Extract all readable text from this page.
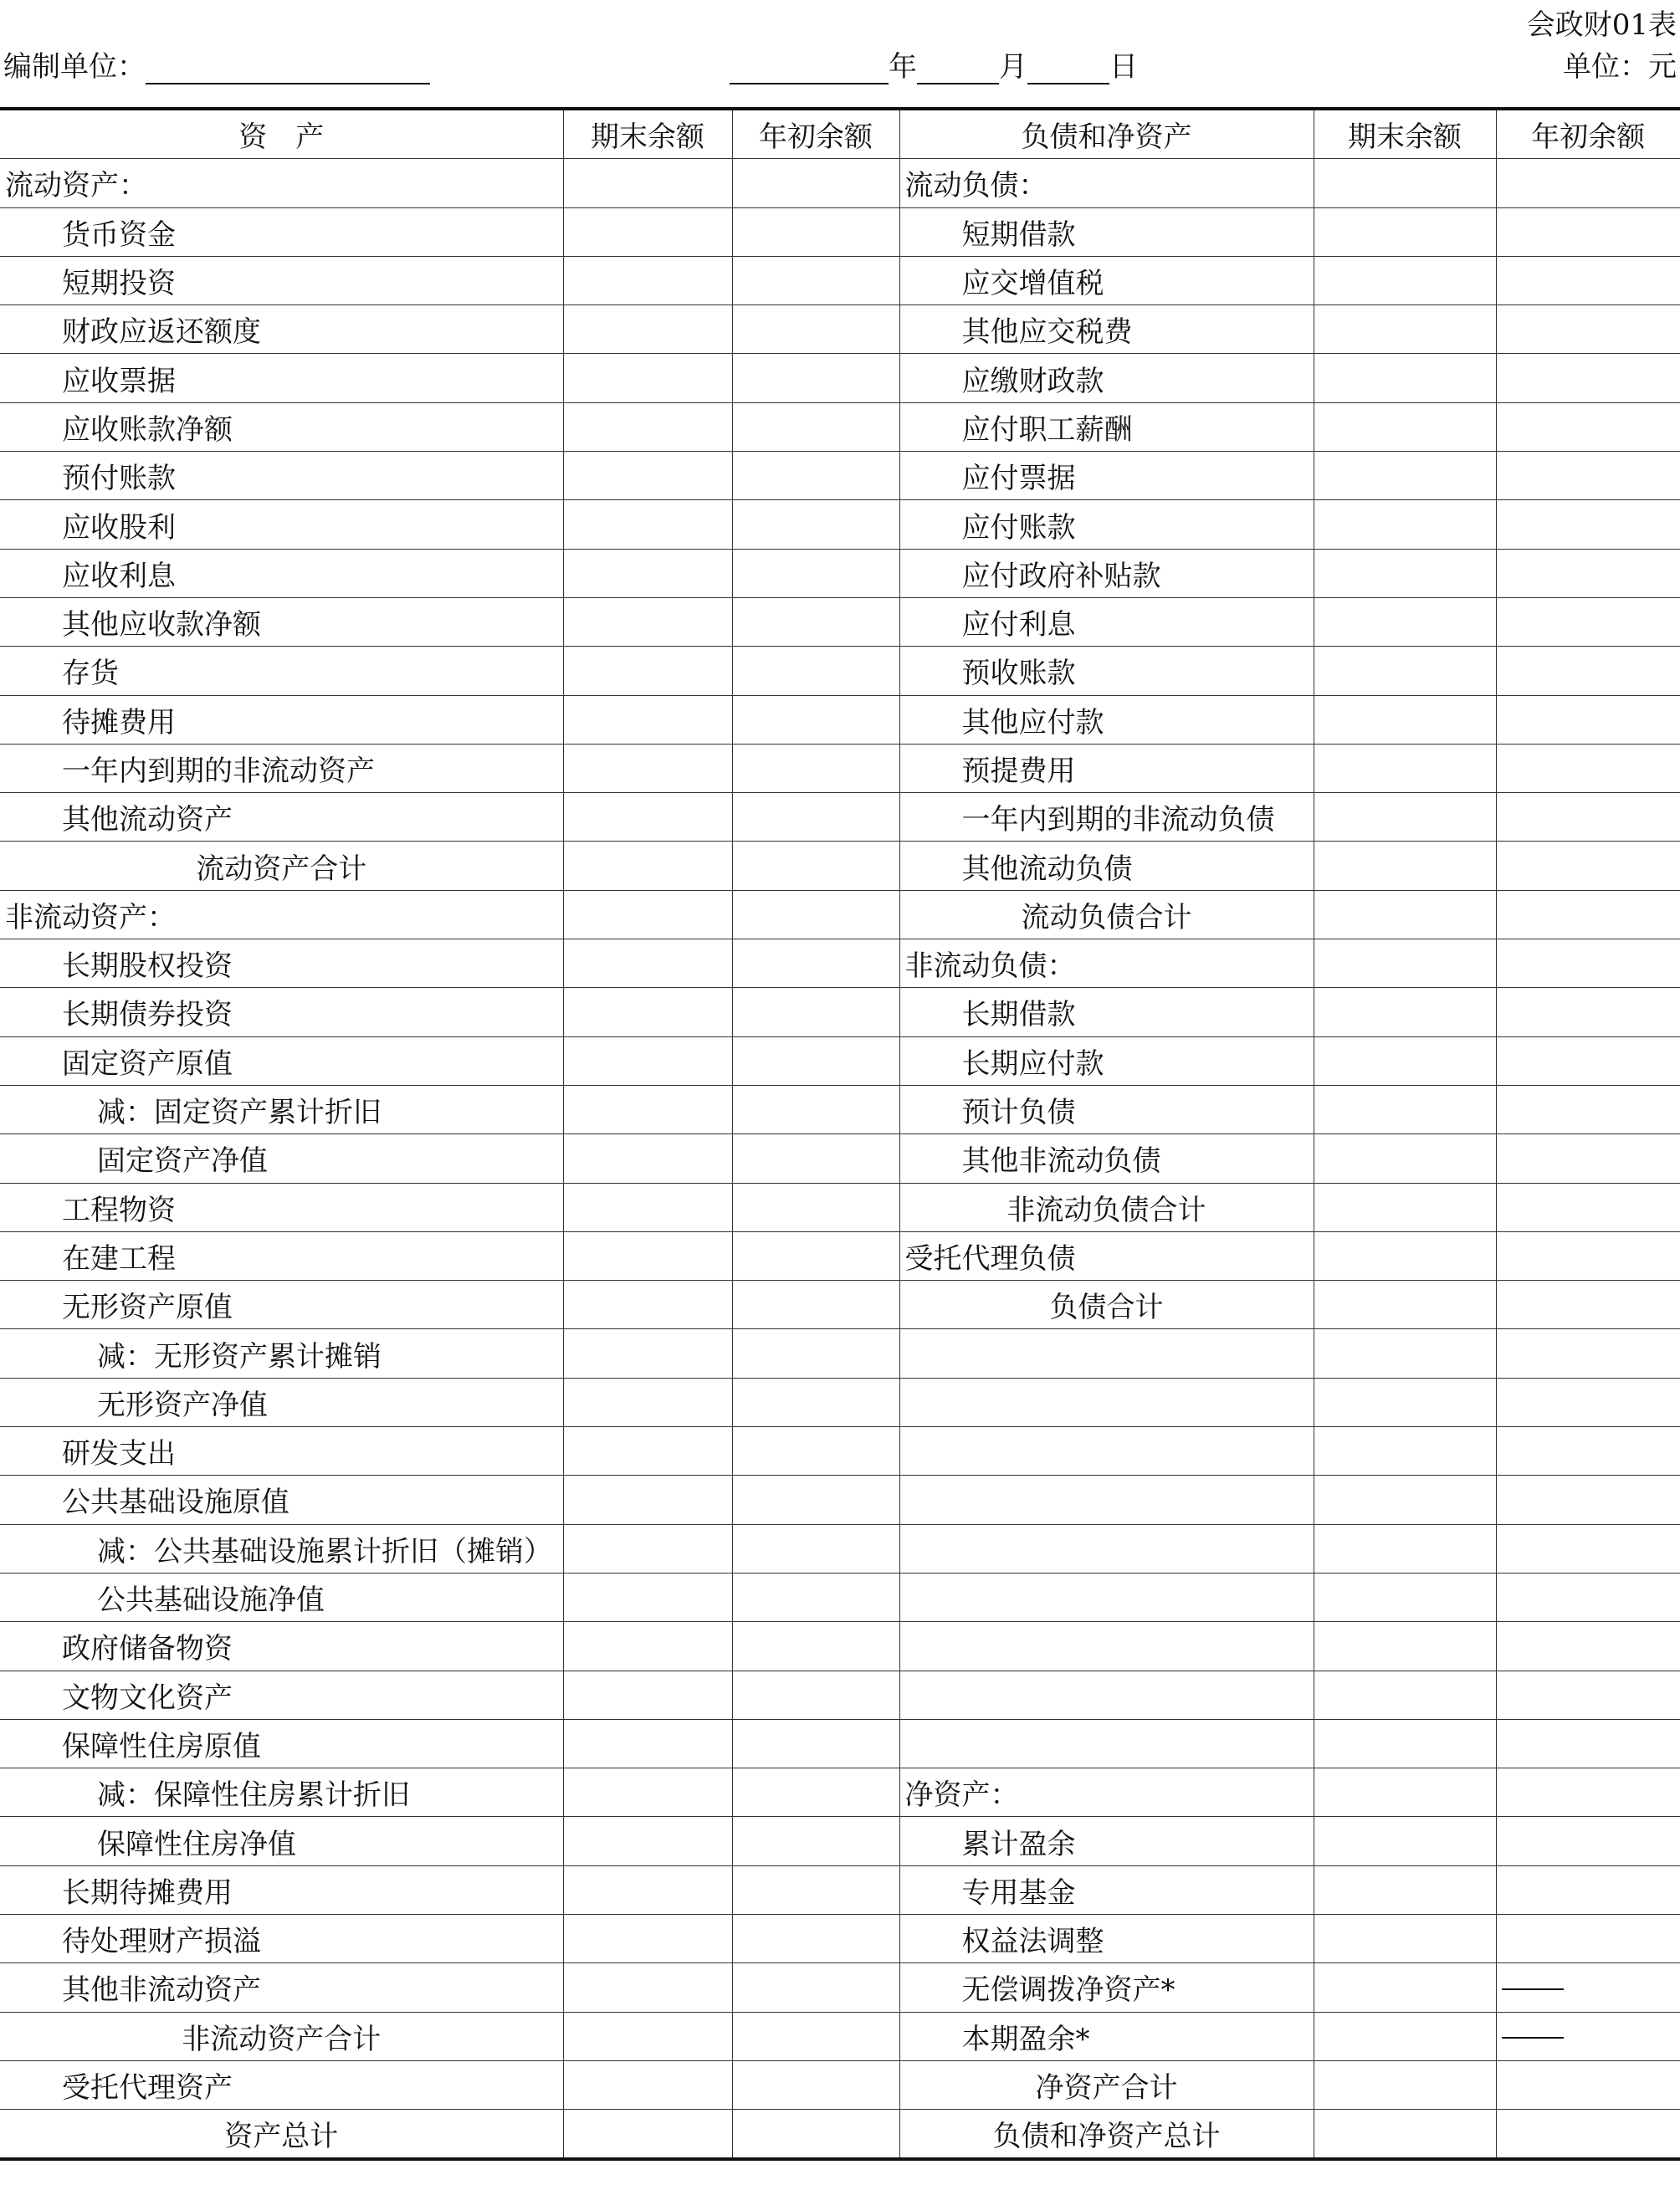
会政财01表
编制单位：	年	月	日	单位：元
资　产	期末余额	年初余额	负债和净资产	期末余额	年初余额
流动资产：			流动负债：		
货币资金			短期借款		
短期投资			应交增值税		
财政应返还额度			其他应交税费		
应收票据			应缴财政款		
应收账款净额			应付职工薪酬		
预付账款			应付票据		
应收股利			应付账款		
应收利息			应付政府补贴款		
其他应收款净额			应付利息		
存货			预收账款		
待摊费用			其他应付款		
一年内到期的非流动资产			预提费用		
其他流动资产			一年内到期的非流动负债		
流动资产合计			其他流动负债		
非流动资产：			流动负债合计		
长期股权投资			非流动负债：		
长期债券投资			长期借款		
固定资产原值			长期应付款		
减：固定资产累计折旧			预计负债		
固定资产净值			其他非流动负债		
工程物资			非流动负债合计		
在建工程			受托代理负债		
无形资产原值			负债合计		
减：无形资产累计摊销					
无形资产净值					
研发支出					
公共基础设施原值					
减：公共基础设施累计折旧（摊销）					
公共基础设施净值					
政府储备物资					
文物文化资产					
保障性住房原值					
减：保障性住房累计折旧			净资产：		
保障性住房净值			累计盈余		
长期待摊费用			专用基金		
待处理财产损溢			权益法调整		
其他非流动资产			无偿调拨净资产*		
非流动资产合计			本期盈余*		
受托代理资产			净资产合计		
资产总计			负债和净资产总计		
